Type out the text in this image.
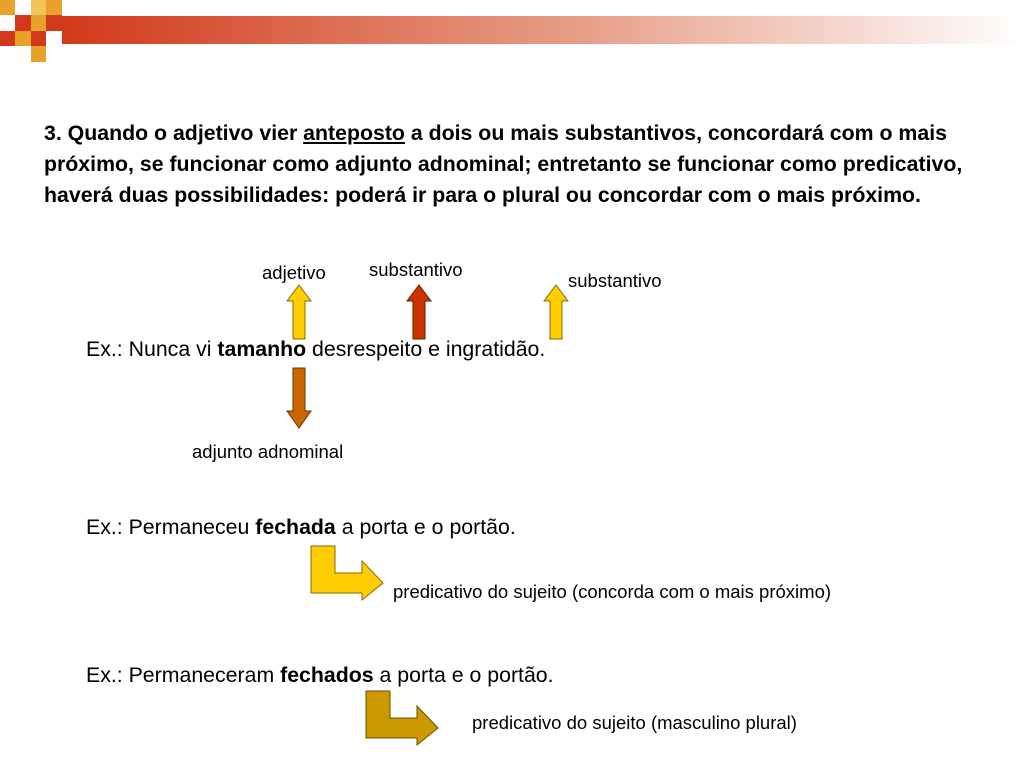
3. Quando o adjetivo vier anteposto a dois ou mais substantivos, concordará com o mais próximo, se funcionar como adjunto adnominal; entretanto se funcionar como predicativo, haverá duas possibilidades: poderá ir para o plural ou concordar com o mais próximo.
adjetivo substantivo
substantivo
Ex.: Nunca vi tamanho desrespeito e ingratidão.
adjunto adnominal
Ex.: Permaneceu fechada a porta e o portão.
predicativo do sujeito (concorda com o mais próximo)
Ex.: Permaneceram fechados a porta e o portão.
predicativo do sujeito (masculino plural)
